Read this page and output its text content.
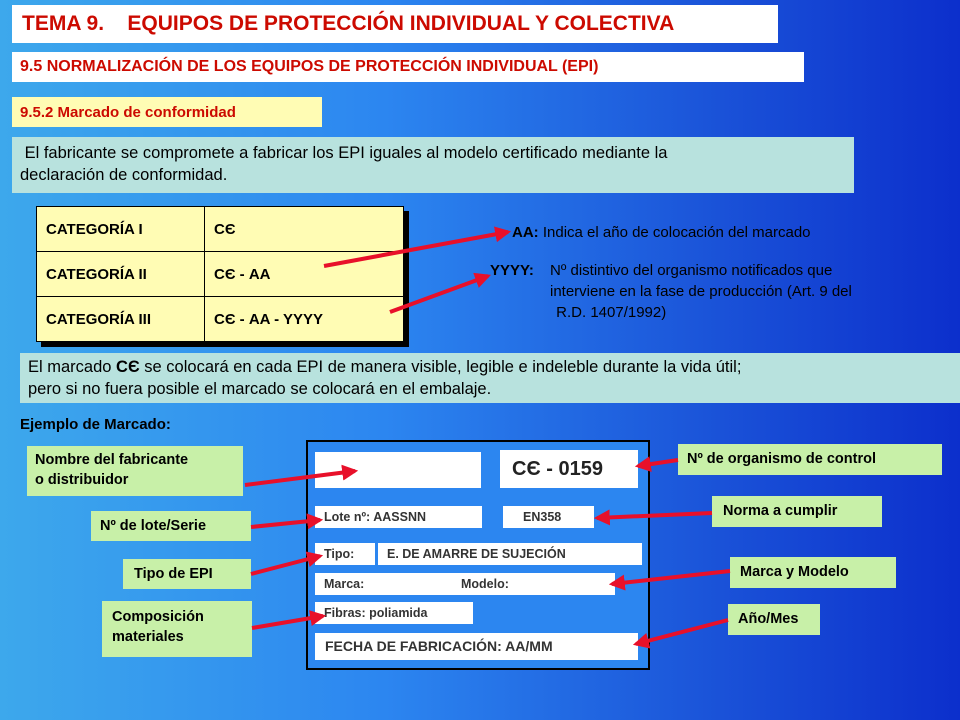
TEMA 9.    EQUIPOS DE PROTECCIÓN INDIVIDUAL Y COLECTIVA
9.5 NORMALIZACIÓN DE LOS EQUIPOS DE PROTECCIÓN INDIVIDUAL (EPI)
9.5.2 Marcado de conformidad
El fabricante se compromete a fabricar los EPI iguales al modelo certificado mediante la
declaración de conformidad.
CATEGORÍA I	CЄ
CATEGORÍA II	CЄ - AA
CATEGORÍA III	CЄ - AA - YYYY
AA: Indica el año de colocación del marcado
YYYY: Nº distintivo del organismo notificados que
interviene en la fase de producción (Art. 9 del
R.D. 1407/1992)
El marcado CЄ se colocará en cada EPI de manera visible, legible e indeleble durante la vida útil;
pero si no fuera posible el marcado se colocará en el embalaje.
Ejemplo de Marcado:
CЄ - 0159
Lote nº: AASSNN	EN358
Tipo:	E. DE AMARRE DE SUJECIÓN
Marca:	Modelo:
Fibras: poliamida
FECHA DE FABRICACIÓN: AA/MM
Nombre del fabricante
o distribuidor
Nº de lote/Serie
Tipo de EPI
Composición
materiales
Nº de organismo de control
Norma a cumplir
Marca y Modelo
Año/Mes
